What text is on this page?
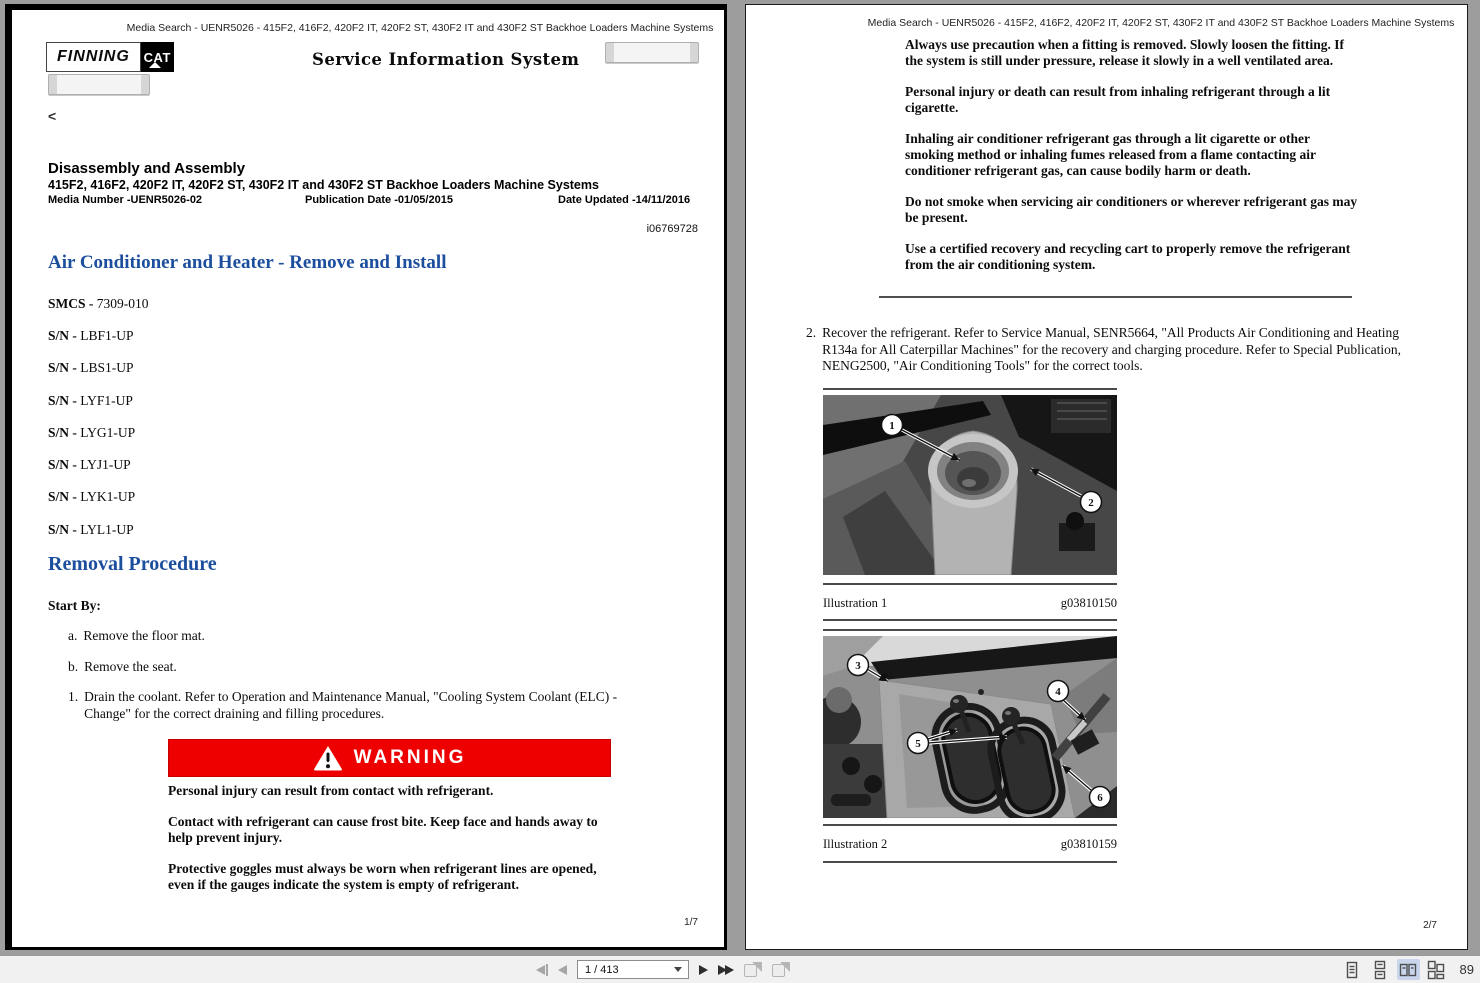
Media Search - UENR5026 - 415F2, 416F2, 420F2 IT, 420F2 ST, 430F2 IT and 430F2 ST Backhoe Loaders Machine Systems
FINNING	CAT	Service Information System
<
Disassembly and Assembly
415F2, 416F2, 420F2 IT, 420F2 ST, 430F2 IT and 430F2 ST Backhoe Loaders Machine Systems
Media Number -UENR5026-02	Publication Date -01/05/2015	Date Updated -14/11/2016
i06769728
Air Conditioner and Heater - Remove and Install
SMCS - 7309-010
S/N - LBF1-UP
S/N - LBS1-UP
S/N - LYF1-UP
S/N - LYG1-UP
S/N - LYJ1-UP
S/N - LYK1-UP
S/N - LYL1-UP
Removal Procedure
Start By:
a. Remove the floor mat.
b. Remove the seat.
1. Drain the coolant. Refer to Operation and Maintenance Manual, "Cooling System Coolant (ELC) - Change" for the correct draining and filling procedures.
WARNING

Personal injury can result from contact with refrigerant.

Contact with refrigerant can cause frost bite. Keep face and hands away to help prevent injury.

Protective goggles must always be worn when refrigerant lines are opened, even if the gauges indicate the system is empty of refrigerant.

1/7
Media Search - UENR5026 - 415F2, 416F2, 420F2 IT, 420F2 ST, 430F2 IT and 430F2 ST Backhoe Loaders Machine Systems

Always use precaution when a fitting is removed. Slowly loosen the fitting. If the system is still under pressure, release it slowly in a well ventilated area.

Personal injury or death can result from inhaling refrigerant through a lit cigarette.

Inhaling air conditioner refrigerant gas through a lit cigarette or other smoking method or inhaling fumes released from a flame contacting air conditioner refrigerant gas, can cause bodily harm or death.

Do not smoke when servicing air conditioners or wherever refrigerant gas may be present.

Use a certified recovery and recycling cart to properly remove the refrigerant from the air conditioning system.

2. Recover the refrigerant. Refer to Service Manual, SENR5664, "All Products Air Conditioning and Heating R134a for All Caterpillar Machines" for the recovery and charging procedure. Refer to Special Publication, NENG2500, "Air Conditioning Tools" for the correct tools.
1
2
Illustration 1	g03810150
3
4
5
6
Illustration 2	g03810159
2/7
1 / 413	89
